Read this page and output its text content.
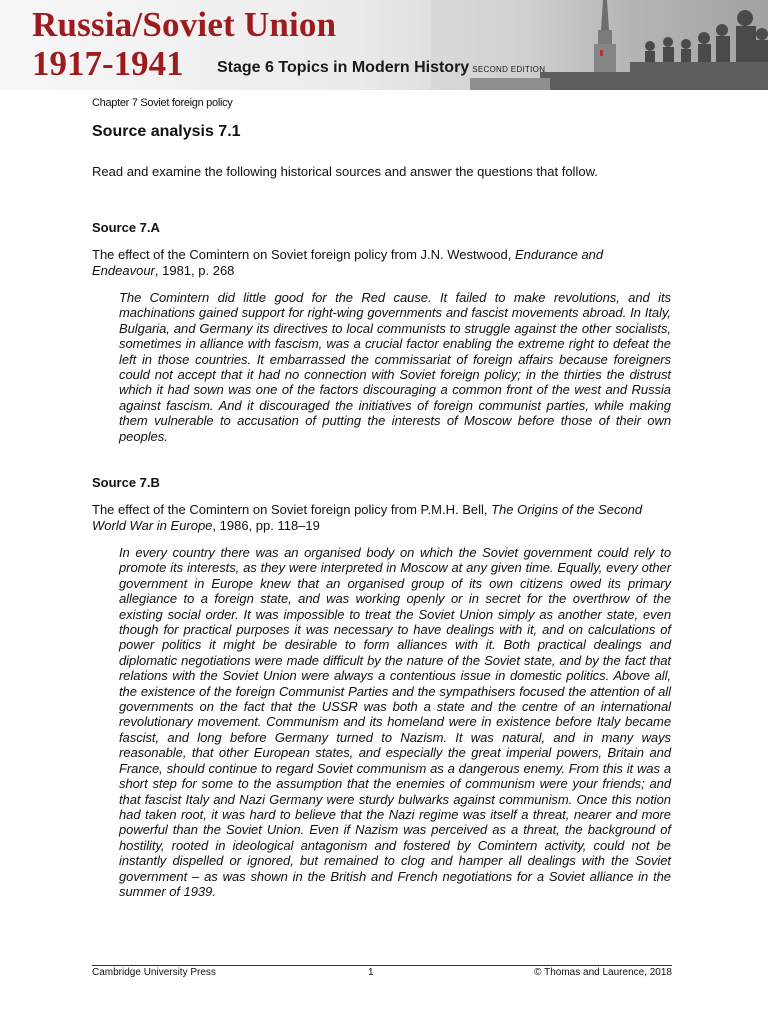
Russia/Soviet Union
1917-1941 Stage 6 Topics in Modern History SECOND EDITION

Chapter 7 Soviet foreign policy

Source analysis 7.1

Read and examine the following historical sources and answer the questions that follow.

Source 7.A

The effect of the Comintern on Soviet foreign policy from J.N. Westwood, Endurance and Endeavour, 1981, p. 268

The Comintern did little good for the Red cause. It failed to make revolutions, and its machinations gained support for right-wing governments and fascist movements abroad. In Italy, Bulgaria, and Germany its directives to local communists to struggle against the other socialists, sometimes in alliance with fascism, was a crucial factor enabling the extreme right to defeat the left in those countries. It embarrassed the commissariat of foreign affairs because foreigners could not accept that it had no connection with Soviet foreign policy; in the thirties the distrust which it had sown was one of the factors discouraging a common front of the west and Russia against fascism. And it discouraged the initiatives of foreign communist parties, while making them vulnerable to accusation of putting the interests of Moscow before those of their own peoples.

Source 7.B

The effect of the Comintern on Soviet foreign policy from P.M.H. Bell, The Origins of the Second World War in Europe, 1986, pp. 118–19

In every country there was an organised body on which the Soviet government could rely to promote its interests, as they were interpreted in Moscow at any given time. Equally, every other government in Europe knew that an organised group of its own citizens owed its primary allegiance to a foreign state, and was working openly or in secret for the overthrow of the existing social order. It was impossible to treat the Soviet Union simply as another state, even though for practical purposes it was necessary to have dealings with it, and on calculations of power politics it might be desirable to form alliances with it. Both practical dealings and diplomatic negotiations were made difficult by the nature of the Soviet state, and by the fact that relations with the Soviet Union were always a contentious issue in domestic politics. Above all, the existence of the foreign Communist Parties and the sympathisers focused the attention of all governments on the fact that the USSR was both a state and the centre of an international revolutionary movement. Communism and its homeland were in existence before Italy became fascist, and long before Germany turned to Nazism. It was natural, and in many ways reasonable, that other European states, and especially the great imperial powers, Britain and France, should continue to regard Soviet communism as a dangerous enemy. From this it was a short step for some to the assumption that the enemies of communism were your friends; and that fascist Italy and Nazi Germany were sturdy bulwarks against communism. Once this notion had taken root, it was hard to believe that the Nazi regime was itself a threat, nearer and more powerful than the Soviet Union. Even if Nazism was perceived as a threat, the background of hostility, rooted in ideological antagonism and fostered by Comintern activity, could not be instantly dispelled or ignored, but remained to clog and hamper all dealings with the Soviet government – as was shown in the British and French negotiations for a Soviet alliance in the summer of 1939.

Cambridge University Press	1	© Thomas and Laurence, 2018
